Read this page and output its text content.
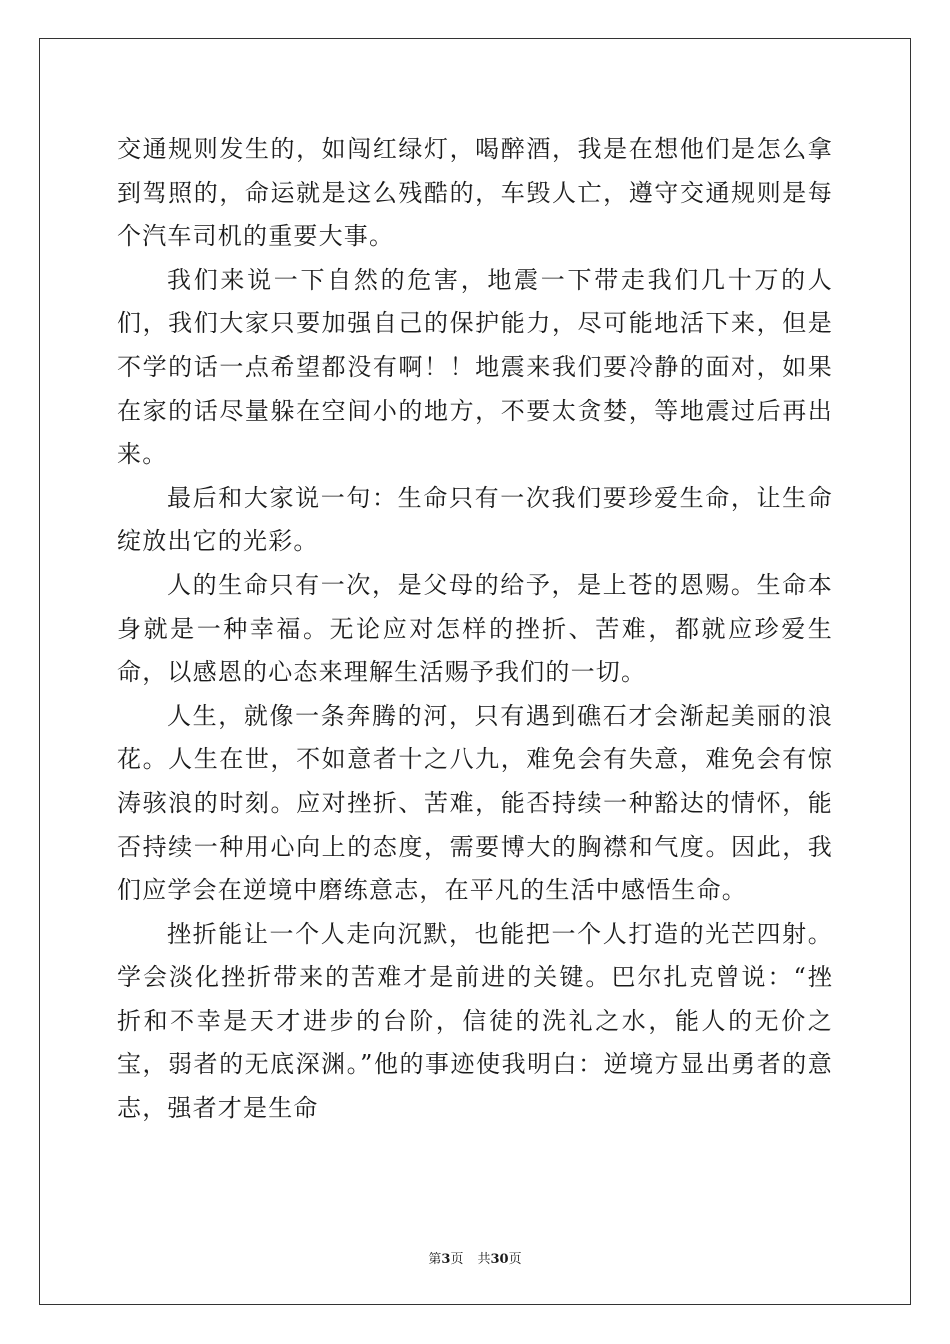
交通规则发生的，如闯红绿灯，喝醉酒，我是在想他们是怎么拿到驾照的，命运就是这么残酷的，车毁人亡，遵守交通规则是每个汽车司机的重要大事。

我们来说一下自然的危害，地震一下带走我们几十万的人们，我们大家只要加强自己的保护能力，尽可能地活下来，但是不学的话一点希望都没有啊！！地震来我们要冷静的面对，如果在家的话尽量躲在空间小的地方，不要太贪婪，等地震过后再出来。

最后和大家说一句：生命只有一次我们要珍爱生命，让生命绽放出它的光彩。

人的生命只有一次，是父母的给予，是上苍的恩赐。生命本身就是一种幸福。无论应对怎样的挫折、苦难，都就应珍爱生命，以感恩的心态来理解生活赐予我们的一切。

人生，就像一条奔腾的河，只有遇到礁石才会渐起美丽的浪花。人生在世，不如意者十之八九，难免会有失意，难免会有惊涛骇浪的时刻。应对挫折、苦难，能否持续一种豁达的情怀，能否持续一种用心向上的态度，需要博大的胸襟和气度。因此，我们应学会在逆境中磨练意志，在平凡的生活中感悟生命。

挫折能让一个人走向沉默，也能把一个人打造的光芒四射。学会淡化挫折带来的苦难才是前进的关键。巴尔扎克曾说：“挫折和不幸是天才进步的台阶，信徒的洗礼之水，能人的无价之宝，弱者的无底深渊。”他的事迹使我明白：逆境方显出勇者的意志，强者才是生命

第3页 共30页
